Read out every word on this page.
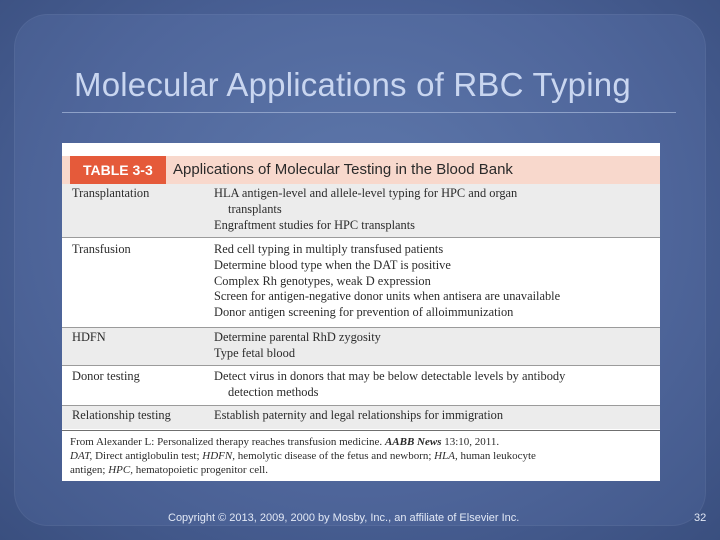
Molecular Applications of RBC Typing
TABLE 3-3	Applications of Molecular Testing in the Blood Bank
Transplantation	HLA antigen-level and allele-level typing for HPC and organ
transplants
Engraftment studies for HPC transplants
Transfusion	Red cell typing in multiply transfused patients
Determine blood type when the DAT is positive
Complex Rh genotypes, weak D expression
Screen for antigen-negative donor units when antisera are unavailable
Donor antigen screening for prevention of alloimmunization
HDFN	Determine parental RhD zygosity
Type fetal blood
Donor testing	Detect virus in donors that may be below detectable levels by antibody
detection methods
Relationship testing	Establish paternity and legal relationships for immigration
From Alexander L: Personalized therapy reaches transfusion medicine. AABB News 13:10, 2011.
DAT, Direct antiglobulin test; HDFN, hemolytic disease of the fetus and newborn; HLA, human leukocyte
antigen; HPC, hematopoietic progenitor cell.
Copyright © 2013, 2009, 2000 by Mosby, Inc., an affiliate of Elsevier Inc.	32
